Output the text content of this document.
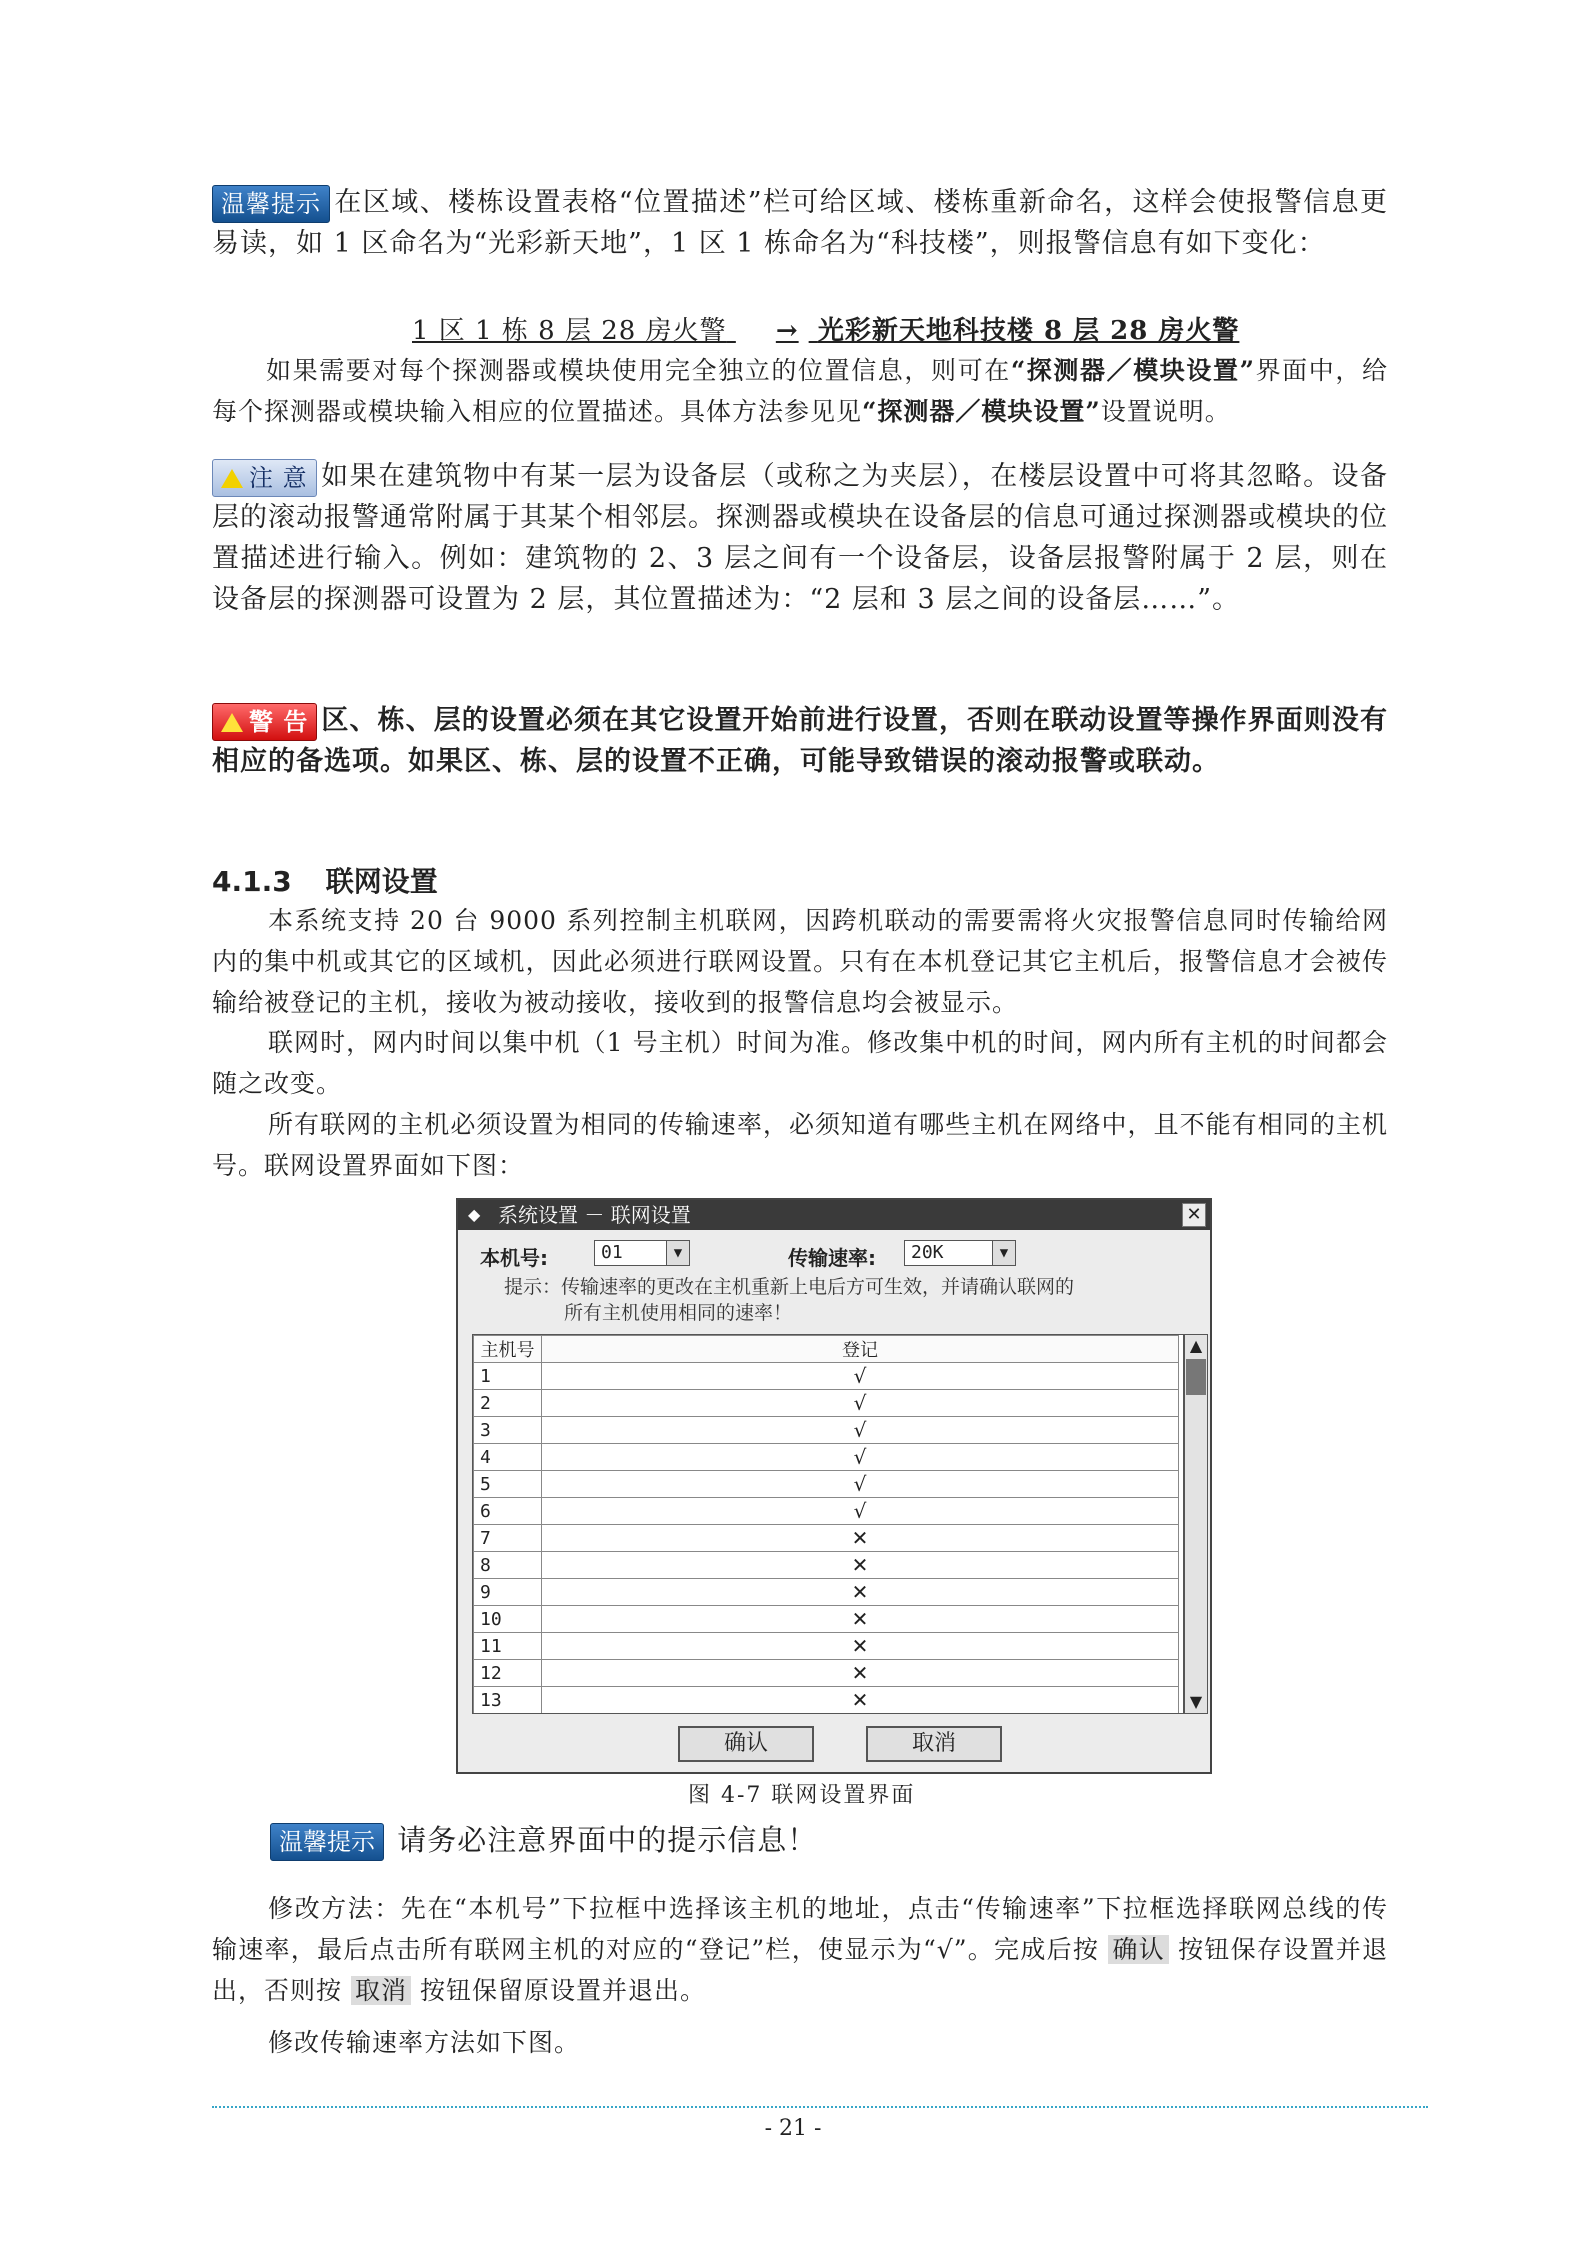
温馨提示 在区域、楼栋设置表格“位置描述”栏可给区域、楼栋重新命名，这样会使报警信息更易读，如 1 区命名为“光彩新天地”，1 区 1 栋命名为“科技楼”，则报警信息有如下变化：

1 区 1 栋 8 层 28 房火警 → 光彩新天地科技楼 8 层 28 房火警

如果需要对每个探测器或模块使用完全独立的位置信息，则可在“探测器／模块设置”界面中，给每个探测器或模块输入相应的位置描述。具体方法参见见“探测器／模块设置”设置说明。

注 意 如果在建筑物中有某一层为设备层（或称之为夹层），在楼层设置中可将其忽略。设备层的滚动报警通常附属于其某个相邻层。探测器或模块在设备层的信息可通过探测器或模块的位置描述进行输入。例如：建筑物的 2、3 层之间有一个设备层，设备层报警附属于 2 层，则在设备层的探测器可设置为 2 层，其位置描述为：“2 层和 3 层之间的设备层……”。

警 告 区、栋、层的设置必须在其它设置开始前进行设置，否则在联动设置等操作界面则没有相应的备选项。如果区、栋、层的设置不正确，可能导致错误的滚动报警或联动。

4.1.3 联网设置

本系统支持 20 台 9000 系列控制主机联网，因跨机联动的需要需将火灾报警信息同时传输给网内的集中机或其它的区域机，因此必须进行联网设置。只有在本机登记其它主机后，报警信息才会被传输给被登记的主机，接收为被动接收，接收到的报警信息均会被显示。

联网时，网内时间以集中机（1 号主机）时间为准。修改集中机的时间，网内所有主机的时间都会随之改变。

所有联网的主机必须设置为相同的传输速率，必须知道有哪些主机在网络中，且不能有相同的主机号。联网设置界面如下图：

◆ 系统设置 － 联网设置	✕
本机号:	01	▼	传输速率:	20K	▼
提示：传输速率的更改在主机重新上电后方可生效，并请确认联网的
所有主机使用相同的速率！
主机号	登记
1	√
2	√
3	√
4	√
5	√
6	√
7	✕
8	✕
9	✕
10	✕
11	✕
12	✕
13	✕
▲
▼
确认	取消
图 4-7 联网设置界面
温馨提示 请务必注意界面中的提示信息！

修改方法：先在“本机号”下拉框中选择该主机的地址，点击“传输速率”下拉框选择联网总线的传输速率，最后点击所有联网主机的对应的“登记”栏，使显示为“√”。完成后按 确认 按钮保存设置并退出，否则按 取消 按钮保留原设置并退出。

修改传输速率方法如下图。

- 21 -
